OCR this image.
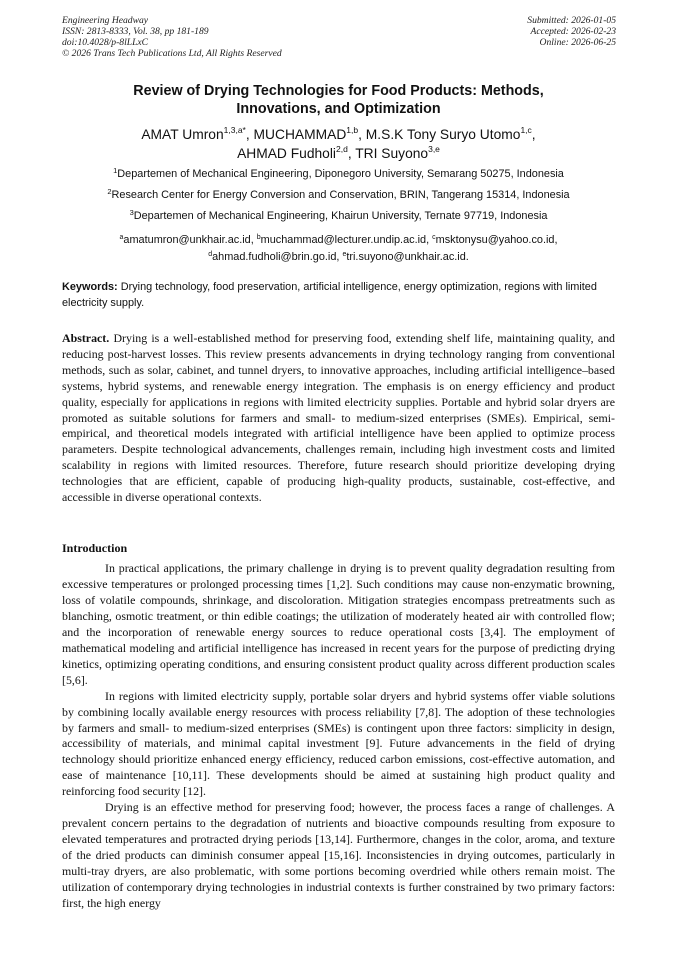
Engineering Headway
ISSN: 2813-8333, Vol. 38, pp 181-189
doi:10.4028/p-8lLLxC
© 2026 Trans Tech Publications Ltd, All Rights Reserved
Submitted: 2026-01-05
Accepted: 2026-02-23
Online: 2026-06-25
Review of Drying Technologies for Food Products: Methods,
Innovations, and Optimization
AMAT Umron$^{1,3,a*}$, MUCHAMMAD$^{1,b}$, M.S.K Tony Suryo Utomo$^{1,c}$,
AHMAD Fudholi$^{2,d}$, TRI Suyono$^{3,e}$
$^1$Departemen of Mechanical Engineering, Diponegoro University, Semarang 50275, Indonesia
$^2$Research Center for Energy Conversion and Conservation, BRIN, Tangerang 15314, Indonesia
$^3$Departemen of Mechanical Engineering, Khairun University, Ternate 97719, Indonesia
$^a$amatumron@unkhair.ac.id, $^b$muchammad@lecturer.undip.ac.id, $^c$msktonysu@yahoo.co.id,
$^d$ahmad.fudholi@brin.go.id, $^e$tri.suyono@unkhair.ac.id.
Keywords: Drying technology, food preservation, artificial intelligence, energy optimization, regions with limited electricity supply.
Abstract. Drying is a well-established method for preserving food, extending shelf life, maintaining quality, and reducing post-harvest losses. This review presents advancements in drying technology ranging from conventional methods, such as solar, cabinet, and tunnel dryers, to innovative approaches, including artificial intelligence–based systems, hybrid systems, and renewable energy integration. The emphasis is on energy efficiency and product quality, especially for applications in regions with limited electricity supplies. Portable and hybrid solar dryers are promoted as suitable solutions for farmers and small- to medium-sized enterprises (SMEs). Empirical, semi-empirical, and theoretical models integrated with artificial intelligence have been applied to optimize process parameters. Despite technological advancements, challenges remain, including high investment costs and limited scalability in regions with limited resources. Therefore, future research should prioritize developing drying technologies that are efficient, capable of producing high-quality products, sustainable, cost-effective, and accessible in diverse operational contexts.
Introduction

In practical applications, the primary challenge in drying is to prevent quality degradation resulting from excessive temperatures or prolonged processing times [1,2]. Such conditions may cause non-enzymatic browning, loss of volatile compounds, shrinkage, and discoloration. Mitigation strategies encompass pretreatments such as blanching, osmotic treatment, or thin edible coatings; the utilization of moderately heated air with controlled flow; and the incorporation of renewable energy sources to reduce operational costs [3,4]. The employment of mathematical modeling and artificial intelligence has increased in recent years for the purpose of predicting drying kinetics, optimizing operating conditions, and ensuring consistent product quality across different production scales [5,6].

In regions with limited electricity supply, portable solar dryers and hybrid systems offer viable solutions by combining locally available energy resources with process reliability [7,8]. The adoption of these technologies by farmers and small- to medium-sized enterprises (SMEs) is contingent upon three factors: simplicity in design, accessibility of materials, and minimal capital investment [9]. Future advancements in the field of drying technology should prioritize enhanced energy efficiency, reduced carbon emissions, cost-effective automation, and ease of maintenance [10,11]. These developments should be aimed at sustaining high product quality and reinforcing food security [12].

Drying is an effective method for preserving food; however, the process faces a range of challenges. A prevalent concern pertains to the degradation of nutrients and bioactive compounds resulting from exposure to elevated temperatures and protracted drying periods [13,14]. Furthermore, changes in the color, aroma, and texture of the dried products can diminish consumer appeal [15,16]. Inconsistencies in drying outcomes, particularly in multi-tray dryers, are also problematic, with some portions becoming overdried while others remain moist. The utilization of contemporary drying technologies in industrial contexts is further constrained by two primary factors: first, the high energy
